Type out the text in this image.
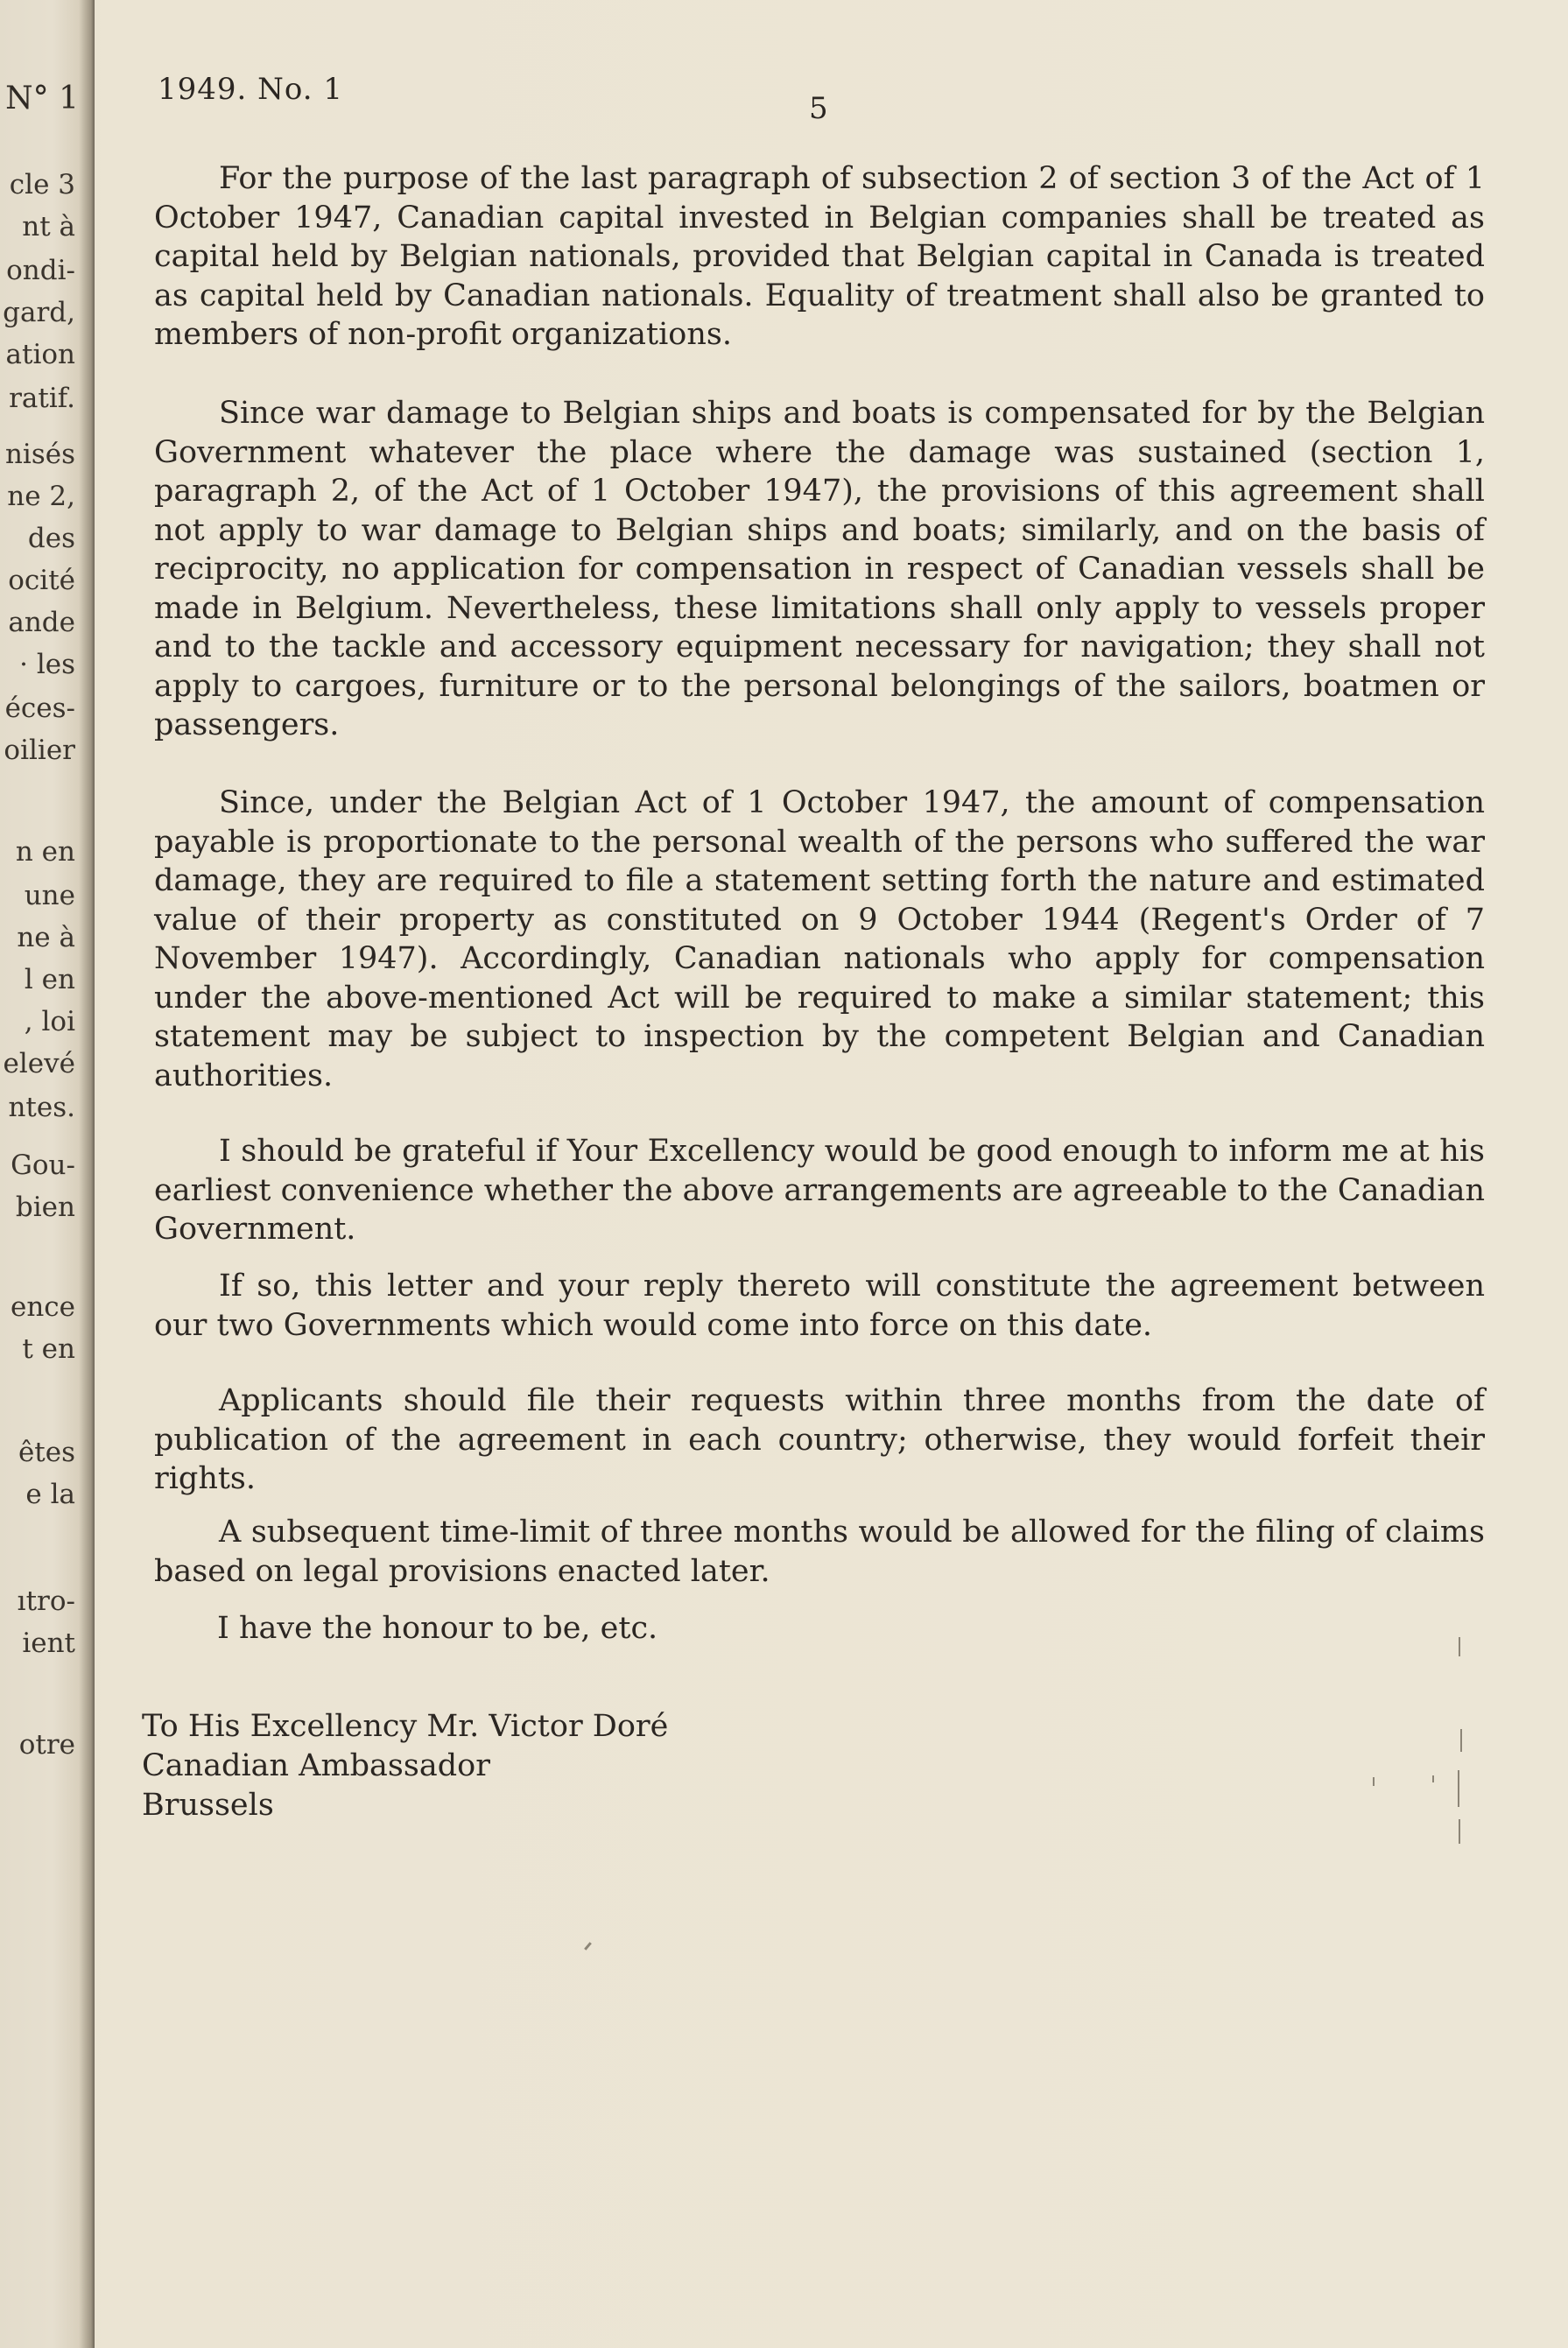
N° 1
cle 3
nt à
ondi-
gard,
ation
ratif.
nisés
ne 2,
des
ocité
ande
· les
éces-
oilier
n en
une
ne à
l en
, loi
elevé
ntes.
Gou-
bien
ence
t en
êtes
e la
ıtro-
ient
otre
1949. No. 1
5

For the purpose of the last paragraph of subsection 2 of section 3 of the Act of 1 October 1947, Canadian capital invested in Belgian companies shall be treated as capital held by Belgian nationals, provided that Belgian capital in Canada is treated as capital held by Canadian nationals. Equality of treatment shall also be granted to members of non-profit organizations.

Since war damage to Belgian ships and boats is compensated for by the Belgian Government whatever the place where the damage was sustained (section 1, paragraph 2, of the Act of 1 October 1947), the provisions of this agreement shall not apply to war damage to Belgian ships and boats; similarly, and on the basis of reciprocity, no application for compensation in respect of Canadian vessels shall be made in Belgium. Nevertheless, these limitations shall only apply to vessels proper and to the tackle and accessory equipment necessary for navigation; they shall not apply to cargoes, furniture or to the personal belongings of the sailors, boatmen or passengers.

Since, under the Belgian Act of 1 October 1947, the amount of compensation payable is proportionate to the personal wealth of the persons who suffered the war damage, they are required to file a statement setting forth the nature and estimated value of their property as constituted on 9 October 1944 (Regent's Order of 7 November 1947). Accordingly, Canadian nationals who apply for compensation under the above-mentioned Act will be required to make a similar statement; this statement may be subject to inspection by the competent Belgian and Canadian authorities.

I should be grateful if Your Excellency would be good enough to inform me at his earliest convenience whether the above arrangements are agreeable to the Canadian Government.

If so, this letter and your reply thereto will constitute the agreement between our two Governments which would come into force on this date.

Applicants should file their requests within three months from the date of publication of the agreement in each country; otherwise, they would forfeit their rights.

A subsequent time-limit of three months would be allowed for the filing of claims based on legal provisions enacted later.

I have the honour to be, etc.

To His Excellency Mr. Victor Doré
Canadian Ambassador
Brussels
